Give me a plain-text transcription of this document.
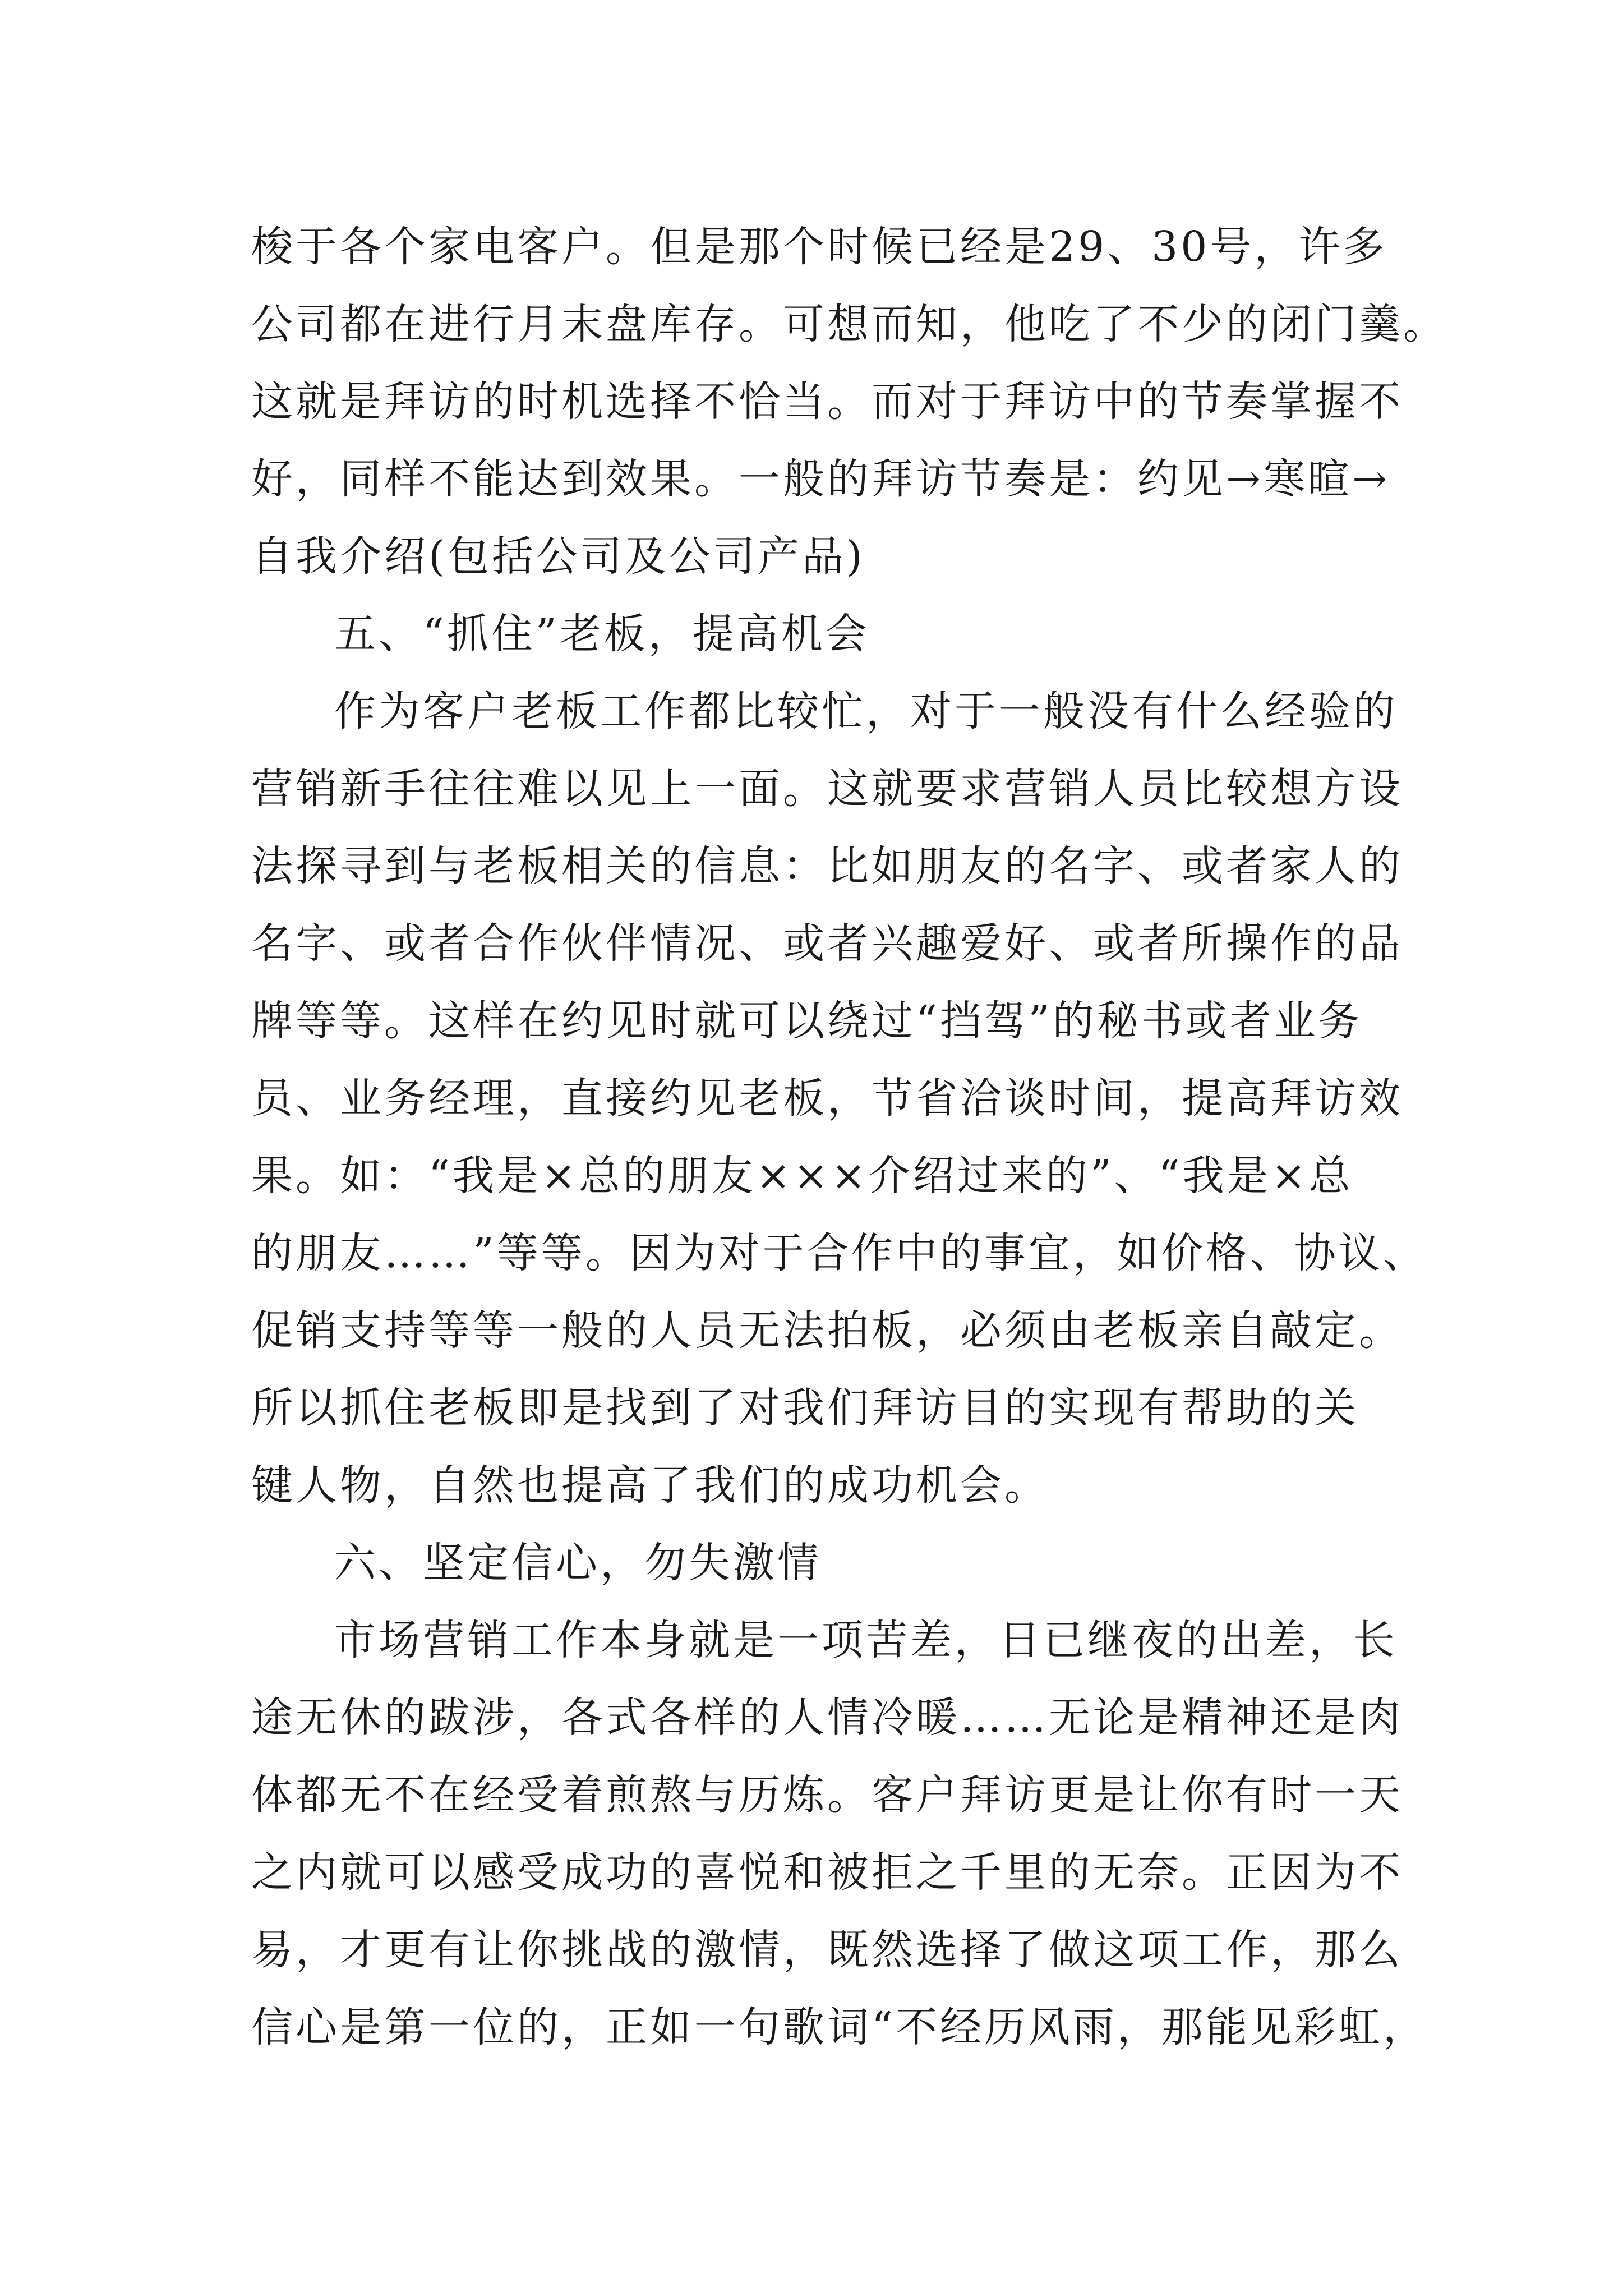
梭于各个家电客户。但是那个时候已经是29、30号，许多
公司都在进行月末盘库存。可想而知，他吃了不少的闭门羹。
这就是拜访的时机选择不恰当。而对于拜访中的节奏掌握不
好，同样不能达到效果。一般的拜访节奏是：约见→寒暄→
自我介绍(包括公司及公司产品)
五、“抓住”老板，提高机会
作为客户老板工作都比较忙，对于一般没有什么经验的
营销新手往往难以见上一面。这就要求营销人员比较想方设
法探寻到与老板相关的信息：比如朋友的名字、或者家人的
名字、或者合作伙伴情况、或者兴趣爱好、或者所操作的品
牌等等。这样在约见时就可以绕过“挡驾”的秘书或者业务
员、业务经理，直接约见老板，节省洽谈时间，提高拜访效
果。如：“我是×总的朋友×××介绍过来的”、“我是×总
的朋友……”等等。因为对于合作中的事宜，如价格、协议、
促销支持等等一般的人员无法拍板，必须由老板亲自敲定。
所以抓住老板即是找到了对我们拜访目的实现有帮助的关
键人物，自然也提高了我们的成功机会。
六、坚定信心，勿失激情
市场营销工作本身就是一项苦差，日已继夜的出差，长
途无休的跋涉，各式各样的人情冷暖……无论是精神还是肉
体都无不在经受着煎熬与历炼。客户拜访更是让你有时一天
之内就可以感受成功的喜悦和被拒之千里的无奈。正因为不
易，才更有让你挑战的激情，既然选择了做这项工作，那么
信心是第一位的，正如一句歌词“不经历风雨，那能见彩虹，
